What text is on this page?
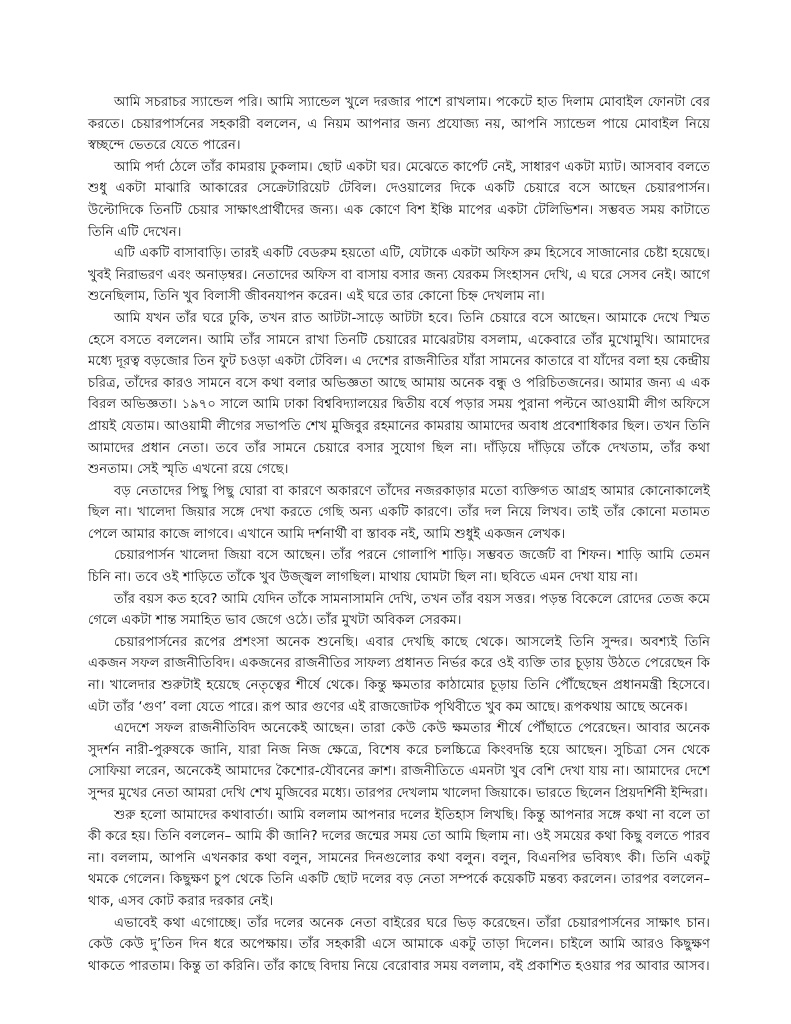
আমি সচরাচর স্যান্ডেল পরি। আমি স্যান্ডেল খুলে দরজার পাশে রাখলাম। পকেটে হাত দিলাম মোবাইল ফোনটা বের করতে। চেয়ারপার্সনের সহকারী বললেন, এ নিয়ম আপনার জন্য প্রযোজ্য নয়, আপনি স্যান্ডেল পায়ে মোবাইল নিয়ে স্বচ্ছন্দে ভেতরে যেতে পারেন।

আমি পর্দা ঠেলে তাঁর কামরায় ঢুকলাম। ছোট একটা ঘর। মেঝেতে কার্পেট নেই, সাধারণ একটা ম্যাট। আসবাব বলতে শুধু একটা মাঝারি আকারের সেক্রেটারিয়েট টেবিল। দেওয়ালের দিকে একটি চেয়ারে বসে আছেন চেয়ারপার্সন। উল্টোদিকে তিনটি চেয়ার সাক্ষাৎপ্রার্থীদের জন্য। এক কোণে বিশ ইঞ্চি মাপের একটা টেলিভিশন। সম্ভবত সময় কাটাতে তিনি এটি দেখেন।

এটি একটি বাসাবাড়ি। তারই একটি বেডরুম হয়তো এটি, যেটাকে একটা অফিস রুম হিসেবে সাজানোর চেষ্টা হয়েছে। খুবই নিরাভরণ এবং অনাড়ম্বর। নেতাদের অফিস বা বাসায় বসার জন্য যেরকম সিংহাসন দেখি, এ ঘরে সেসব নেই। আগে শুনেছিলাম, তিনি খুব বিলাসী জীবনযাপন করেন। এই ঘরে তার কোনো চিহ্ন দেখলাম না।

আমি যখন তাঁর ঘরে ঢুকি, তখন রাত আটটা-সাড়ে আটটা হবে। তিনি চেয়ারে বসে আছেন। আমাকে দেখে স্মিত হেসে বসতে বললেন। আমি তাঁর সামনে রাখা তিনটি চেয়ারের মাঝেরটায় বসলাম, একেবারে তাঁর মুখোমুখি। আমাদের মধ্যে দূরত্ব বড়জোর তিন ফুট চওড়া একটা টেবিল। এ দেশের রাজনীতির যাঁরা সামনের কাতারে বা যাঁদের বলা হয় কেন্দ্রীয় চরিত্র, তাঁদের কারও সামনে বসে কথা বলার অভিজ্ঞতা আছে আমায় অনেক বন্ধু ও পরিচিতজনের। আমার জন্য এ এক বিরল অভিজ্ঞতা। ১৯৭০ সালে আমি ঢাকা বিশ্ববিদ্যালয়ের দ্বিতীয় বর্ষে পড়ার সময় পুরানা পল্টনে আওয়ামী লীগ অফিসে প্রায়ই যেতাম। আওয়ামী লীগের সভাপতি শেখ মুজিবুর রহমানের কামরায় আমাদের অবাধ প্রবেশাধিকার ছিল। তখন তিনি আমাদের প্রধান নেতা। তবে তাঁর সামনে চেয়ারে বসার সুযোগ ছিল না। দাঁড়িয়ে দাঁড়িয়ে তাঁকে দেখতাম, তাঁর কথা শুনতাম। সেই স্মৃতি এখনো রয়ে গেছে।

বড় নেতাদের পিছু পিছু ঘোরা বা কারণে অকারণে তাঁদের নজরকাড়ার মতো ব্যক্তিগত আগ্রহ আমার কোনোকালেই ছিল না। খালেদা জিয়ার সঙ্গে দেখা করতে গেছি অন্য একটি কারণে। তাঁর দল নিয়ে লিখব। তাই তাঁর কোনো মতামত পেলে আমার কাজে লাগবে। এখানে আমি দর্শনার্থী বা স্তাবক নই, আমি শুধুই একজন লেখক।

চেয়ারপার্সন খালেদা জিয়া বসে আছেন। তাঁর পরনে গোলাপি শাড়ি। সম্ভবত জর্জেট বা শিফন। শাড়ি আমি তেমন চিনি না। তবে ওই শাড়িতে তাঁকে খুব উজ্জ্বল লাগছিল। মাথায় ঘোমটা ছিল না। ছবিতে এমন দেখা যায় না।

তাঁর বয়স কত হবে? আমি যেদিন তাঁকে সামনাসামনি দেখি, তখন তাঁর বয়স সত্তর। পড়ন্ত বিকেলে রোদের তেজ কমে গেলে একটা শান্ত সমাহিত ভাব জেগে ওঠে। তাঁর মুখটা অবিকল সেরকম।

চেয়ারপার্সনের রূপের প্রশংসা অনেক শুনেছি। এবার দেখছি কাছে থেকে। আসলেই তিনি সুন্দর। অবশ্যই তিনি একজন সফল রাজনীতিবিদ। একজনের রাজনীতির সাফল্য প্রধানত নির্ভর করে ওই ব্যক্তি তার চূড়ায় উঠতে পেরেছেন কি না। খালেদার শুরুটাই হয়েছে নেতৃত্বের শীর্ষে থেকে। কিন্তু ক্ষমতার কাঠামোর চূড়ায় তিনি পৌঁছেছেন প্রধানমন্ত্রী হিসেবে। এটা তাঁর ‘গুণ’ বলা যেতে পারে। রূপ আর গুণের এই রাজজোটক পৃথিবীতে খুব কম আছে। রূপকথায় আছে অনেক।

এদেশে সফল রাজনীতিবিদ অনেকেই আছেন। তারা কেউ কেউ ক্ষমতার শীর্ষে পৌঁছাতে পেরেছেন। আবার অনেক সুদর্শন নারী-পুরুষকে জানি, যারা নিজ নিজ ক্ষেত্রে, বিশেষ করে চলচ্চিত্রে কিংবদন্তি হয়ে আছেন। সুচিত্রা সেন থেকে সোফিয়া লরেন, অনেকেই আমাদের কৈশোর-যৌবনের ক্রাশ। রাজনীতিতে এমনটা খুব বেশি দেখা যায় না। আমাদের দেশে সুন্দর মুখের নেতা আমরা দেখি শেখ মুজিবের মধ্যে। তারপর দেখলাম খালেদা জিয়াকে। ভারতে ছিলেন প্রিয়দর্শিনী ইন্দিরা।

শুরু হলো আমাদের কথাবার্তা। আমি বললাম আপনার দলের ইতিহাস লিখছি। কিন্তু আপনার সঙ্গে কথা না বলে তা কী করে হয়। তিনি বললেন– আমি কী জানি? দলের জন্মের সময় তো আমি ছিলাম না। ওই সময়ের কথা কিছু বলতে পারব না। বললাম, আপনি এখনকার কথা বলুন, সামনের দিনগুলোর কথা বলুন। বলুন, বিএনপির ভবিষ্যৎ কী। তিনি একটু থমকে গেলেন। কিছুক্ষণ চুপ থেকে তিনি একটি ছোট দলের বড় নেতা সম্পর্কে কয়েকটি মন্তব্য করলেন। তারপর বললেন– থাক, এসব কোট করার দরকার নেই।

এভাবেই কথা এগোচ্ছে। তাঁর দলের অনেক নেতা বাইরের ঘরে ভিড় করেছেন। তাঁরা চেয়ারপার্সনের সাক্ষাৎ চান। কেউ কেউ দু’তিন দিন ধরে অপেক্ষায়। তাঁর সহকারী এসে আমাকে একটু তাড়া দিলেন। চাইলে আমি আরও কিছুক্ষণ থাকতে পারতাম। কিন্তু তা করিনি। তাঁর কাছে বিদায় নিয়ে বেরোবার সময় বললাম, বই প্রকাশিত হওয়ার পর আবার আসব।
